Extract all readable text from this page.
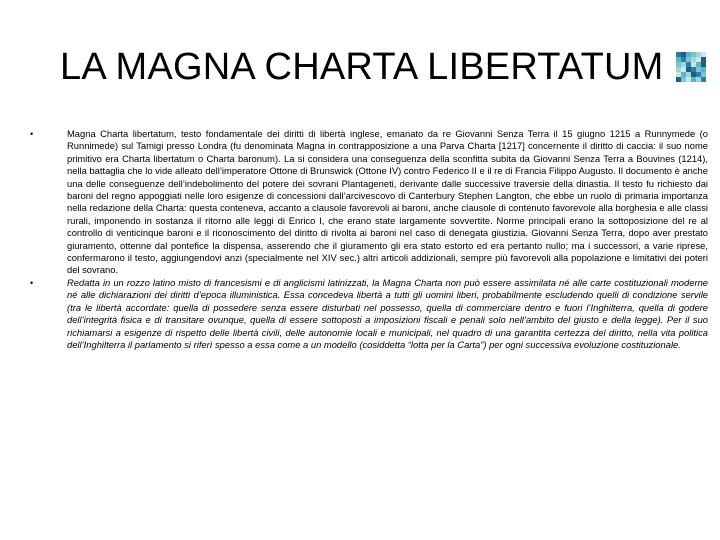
LA MAGNA CHARTA LIBERTATUM
•	Magna Charta libertatum, testo fondamentale dei diritti di libertà inglese, emanato da re Giovanni Senza Terra il 15 giugno 1215 a Runnymede (o Runnimede) sul Tamigi presso Londra (fu denominata Magna in contrapposizione a una Parva Charta [1217] concernente il diritto di caccia: il suo nome primitivo era Charta libertatum o Charta baronum). La si considera una conseguenza della sconfitta subita da Giovanni Senza Terra a Bouvines (1214), nella battaglia che lo vide alleato dell’imperatore Ottone di Brunswick (Ottone IV) contro Federico II e il re di Francia Filippo Augusto. Il documento è anche una delle conseguenze dell’indebolimento del potere dei sovrani Plantageneti, derivante dalle successive traversie della dinastia. Il testo fu richiesto dai baroni del regno appoggiati nelle loro esigenze di concessioni dall’arcivescovo di Canterbury Stephen Langton, che ebbe un ruolo di primaria importanza nella redazione della Charta: questa conteneva, accanto a clausole favorevoli ai baroni, anche clausole di contenuto favorevole alla borghesia e alle classi rurali, imponendo in sostanza il ritorno alle leggi di Enrico I, che erano state largamente sovvertite. Norme principali erano la sottoposizione del re al controllo di venticinque baroni e il riconoscimento del diritto di rivolta ai baroni nel caso di denegata giustizia. Giovanni Senza Terra, dopo aver prestato giuramento, ottenne dal pontefice la dispensa, asserendo che il giuramento gli era stato estorto ed era pertanto nullo; ma i successori, a varie riprese, confermarono il testo, aggiungendovi anzi (specialmente nel XIV sec.) altri articoli addizionali, sempre più favorevoli alla popolazione e limitativi dei poteri del sovrano.
•	Redatta in un rozzo latino misto di francesismi e di anglicismi latinizzati, la Magna Charta non può essere assimilata né alle carte costituzionali moderne né alle dichiarazioni dei diritti d’epoca illuministica. Essa concedeva libertà a tutti gli uomini liberi, probabilmente escludendo quelli di condizione servile (tra le libertà accordate: quella di possedere senza essere disturbati nel possesso, quella di commerciare dentro e fuori l’Inghilterra, quella di godere dell’integrità fisica e di transitare ovunque, quella di essere sottoposti a imposizioni fiscali e penali solo nell’ambito del giusto e della legge). Per il suo richiamarsi a esigenze di rispetto delle libertà civili, delle autonomie locali e municipali, nel quadro di una garantita certezza del diritto, nella vita politica dell’Inghilterra il parlamento si riferì spesso a essa come a un modello (cosiddetta “lotta per la Carta”) per ogni successiva evoluzione costituzionale.
